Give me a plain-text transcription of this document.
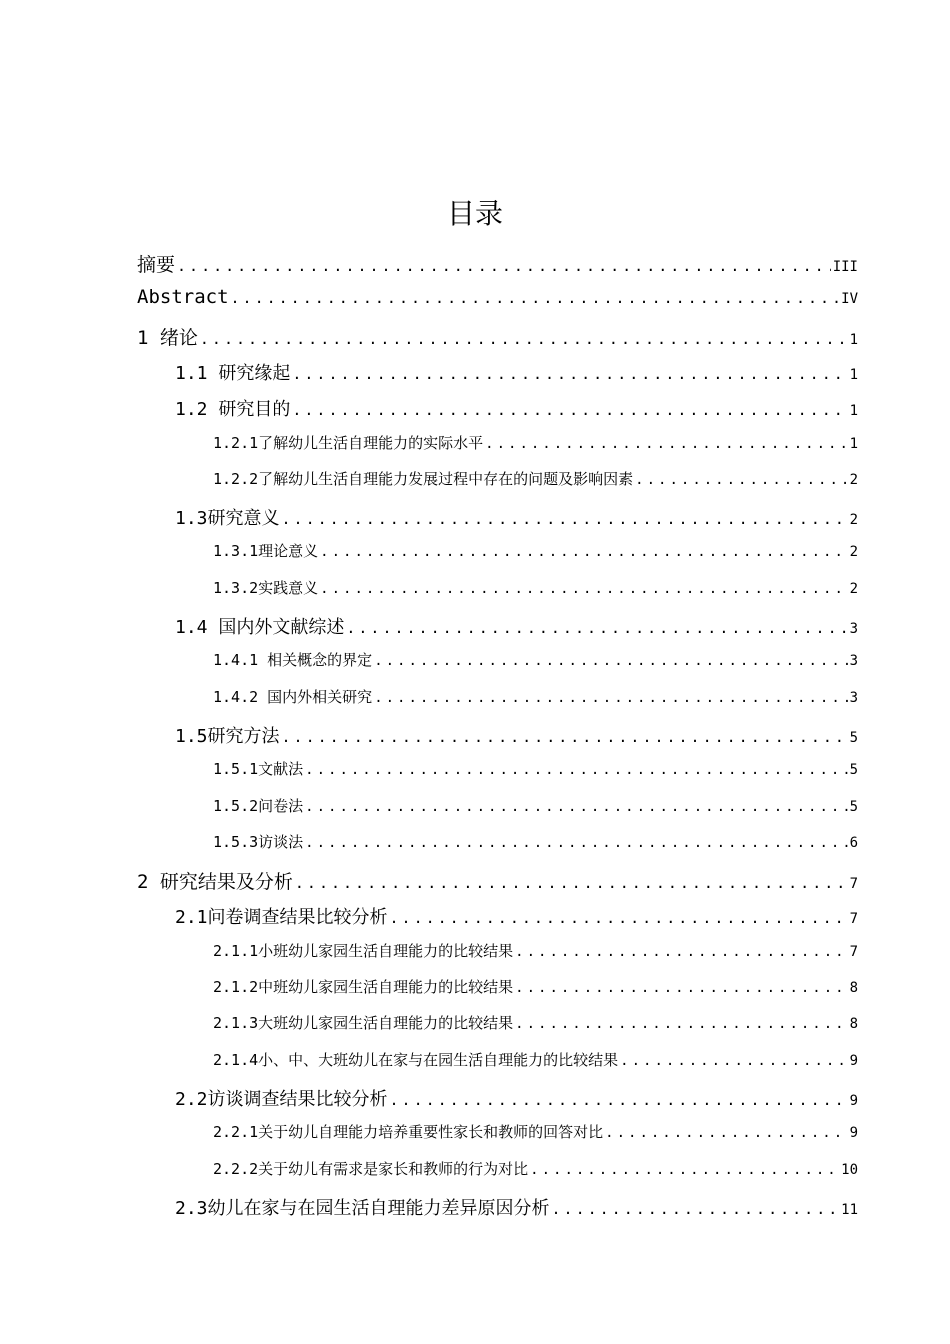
目录
摘要 .....	III
Abstract .....	IV
1 绪论 .....	1
1.1 研究缘起 .....	1
1.2 研究目的 .....	1
1.2.1了解幼儿生活自理能力的实际水平 .....	1
1.2.2了解幼儿生活自理能力发展过程中存在的问题及影响因素 .....	2
1.3研究意义 .....	2
1.3.1理论意义 .....	2
1.3.2实践意义 .....	2
1.4 国内外文献综述 .....	3
1.4.1 相关概念的界定 .....	3
1.4.2 国内外相关研究 .....	3
1.5研究方法 .....	5
1.5.1文献法 .....	5
1.5.2问卷法 .....	5
1.5.3访谈法 .....	6
2 研究结果及分析 .....	7
2.1问卷调查结果比较分析 .....	7
2.1.1小班幼儿家园生活自理能力的比较结果 .....	7
2.1.2中班幼儿家园生活自理能力的比较结果 .....	8
2.1.3大班幼儿家园生活自理能力的比较结果 .....	8
2.1.4小、中、大班幼儿在家与在园生活自理能力的比较结果 .....	9
2.2访谈调查结果比较分析 .....	9
2.2.1关于幼儿自理能力培养重要性家长和教师的回答对比 .....	9
2.2.2关于幼儿有需求是家长和教师的行为对比 .....	10
2.3幼儿在家与在园生活自理能力差异原因分析 .....	11
